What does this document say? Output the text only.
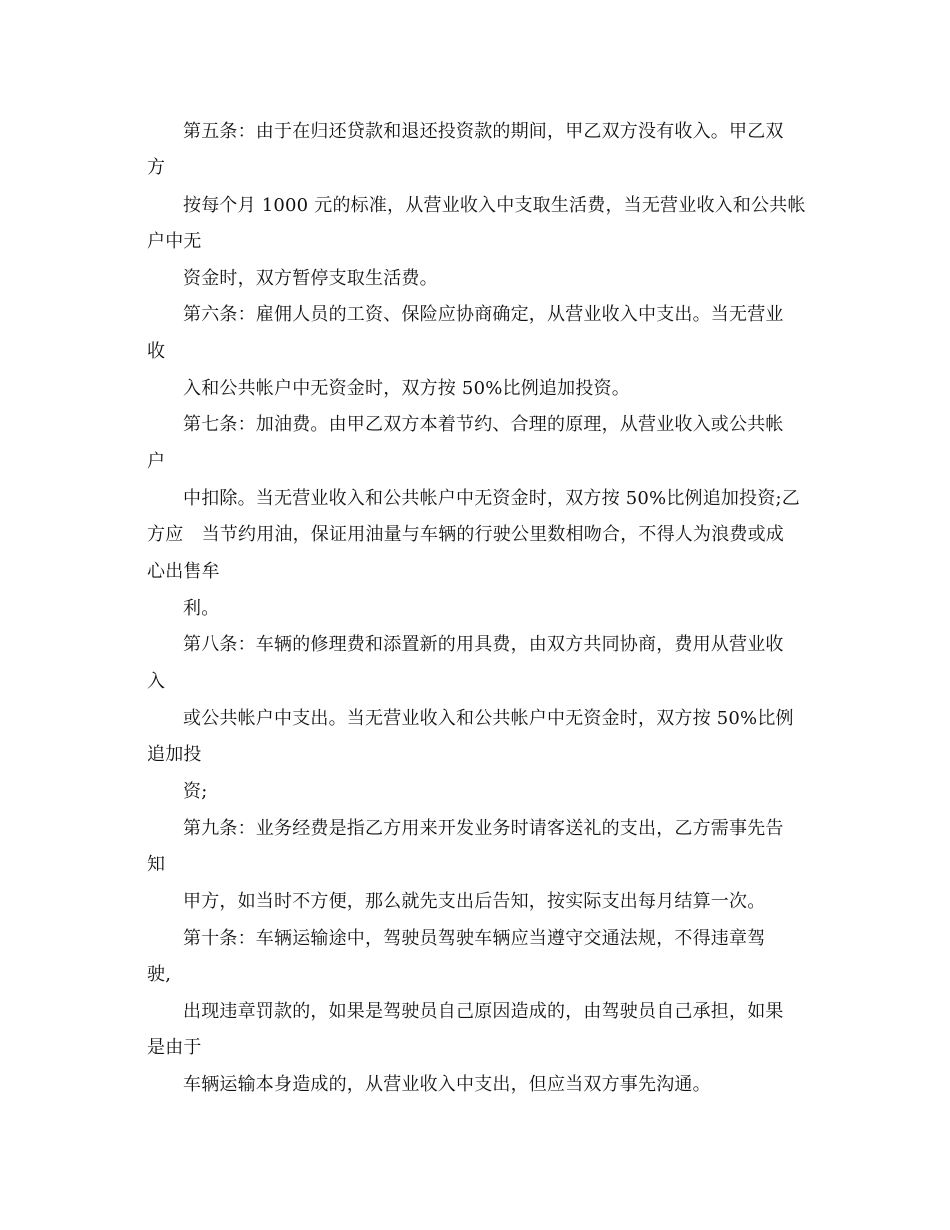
第五条：由于在归还贷款和退还投资款的期间，甲乙双方没有收入。甲乙双
方
按每个月 1000 元的标准，从营业收入中支取生活费，当无营业收入和公共帐
户中无
资金时，双方暂停支取生活费。
第六条：雇佣人员的工资、保险应协商确定，从营业收入中支出。当无营业
收
入和公共帐户中无资金时，双方按 50%比例追加投资。
第七条：加油费。由甲乙双方本着节约、合理的原理，从营业收入或公共帐
户
中扣除。当无营业收入和公共帐户中无资金时，双方按 50%比例追加投资;乙
方应　当节约用油，保证用油量与车辆的行驶公里数相吻合，不得人为浪费或成
心出售牟
利。
第八条：车辆的修理费和添置新的用具费，由双方共同协商，费用从营业收
入
或公共帐户中支出。当无营业收入和公共帐户中无资金时，双方按 50%比例
追加投
资;
第九条：业务经费是指乙方用来开发业务时请客送礼的支出，乙方需事先告
知
甲方，如当时不方便，那么就先支出后告知，按实际支出每月结算一次。
第十条：车辆运输途中，驾驶员驾驶车辆应当遵守交通法规，不得违章驾
驶,
出现违章罚款的，如果是驾驶员自己原因造成的，由驾驶员自己承担，如果
是由于
车辆运输本身造成的，从营业收入中支出，但应当双方事先沟通。
